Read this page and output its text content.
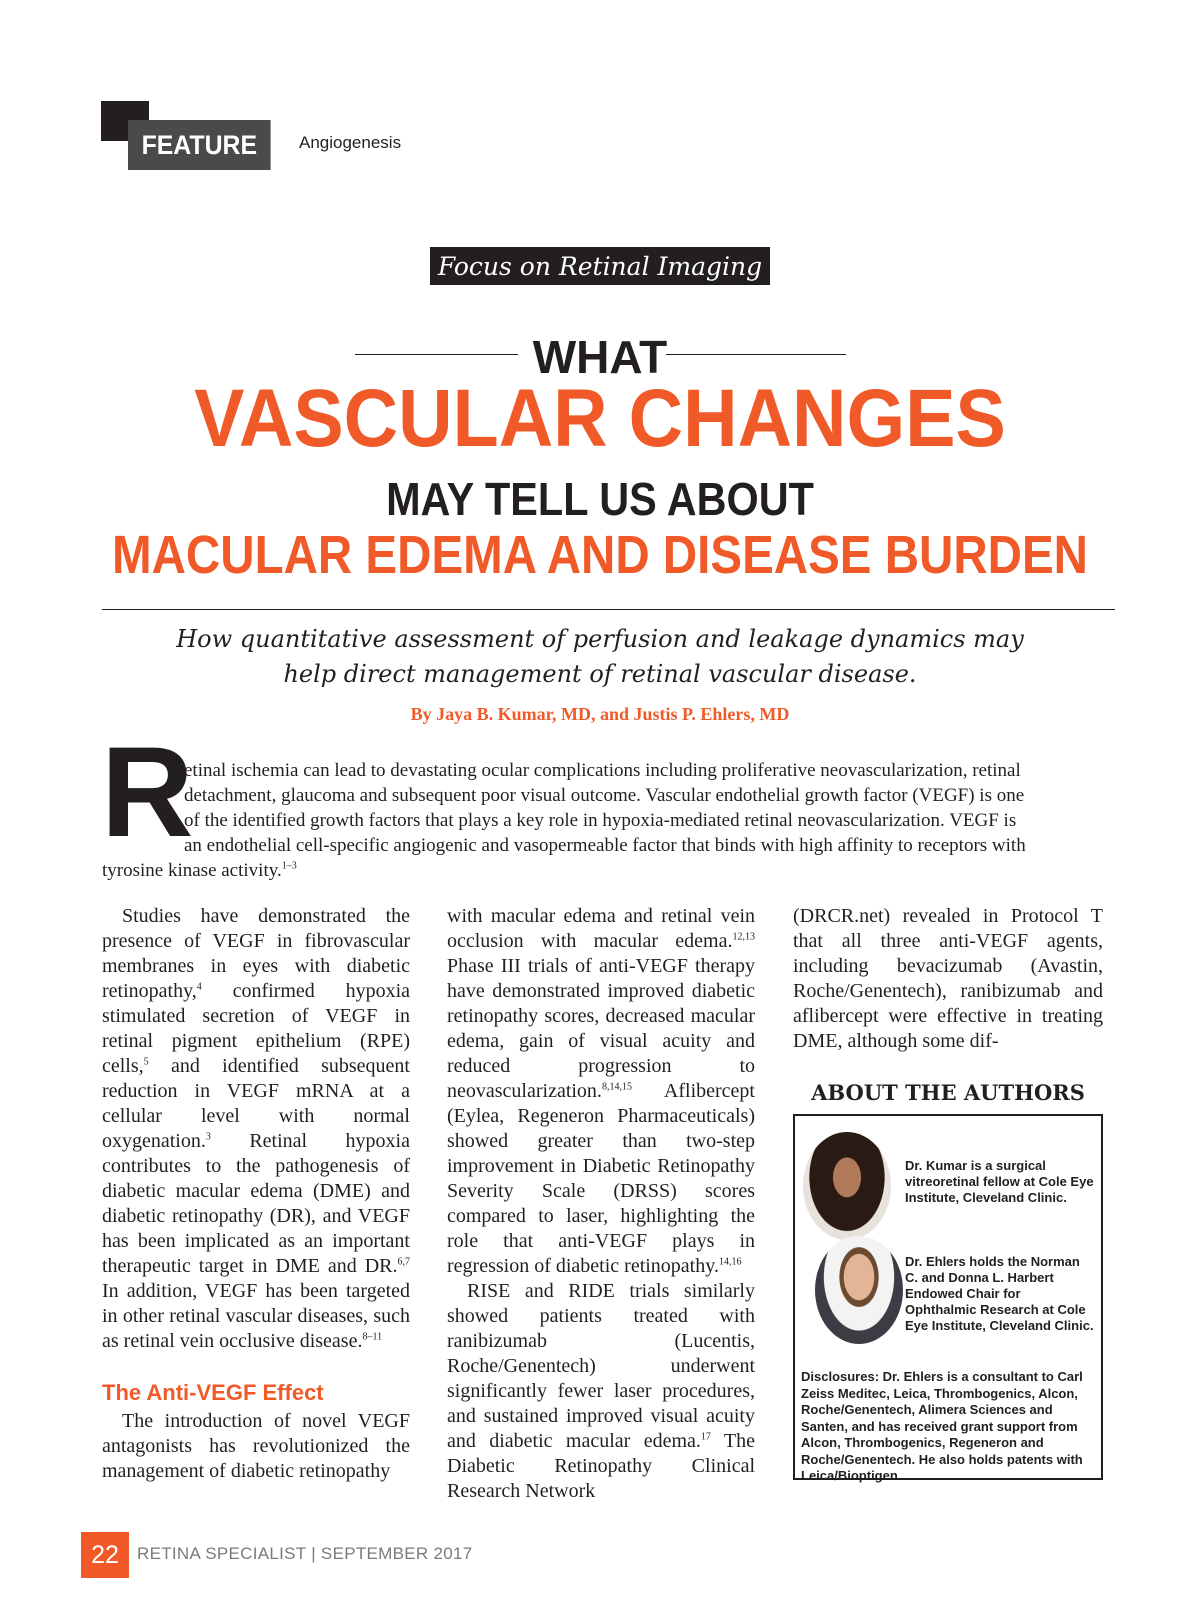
FEATURE	Angiogenesis
Focus on Retinal Imaging
WHAT
VASCULAR CHANGES
MAY TELL US ABOUT
MACULAR EDEMA AND DISEASE BURDEN
How quantitative assessment of perfusion and leakage dynamics may
help direct management of retinal vascular disease.
By Jaya B. Kumar, MD, and Justis P. Ehlers, MD
R
etinal ischemia can lead to devastating ocular complications including proliferative neovascularization, retinal
detachment, glaucoma and subsequent poor visual outcome. Vascular endothelial growth factor (VEGF) is one
of the identified growth factors that plays a key role in hypoxia-mediated retinal neovascularization. VEGF is
an endothelial cell-specific angiogenic and vasopermeable factor that binds with high affinity to receptors with
tyrosine kinase activity.$^{1-3}$

Studies have demonstrated the presence of VEGF in fibrovascular membranes in eyes with diabetic retinopathy,$^4$ confirmed hypoxia stimulated secretion of VEGF in retinal pigment epithelium (RPE) cells,$^5$ and identified subsequent reduction in VEGF mRNA at a cellular level with normal oxygenation.$^3$ Retinal hypoxia contributes to the pathogenesis of diabetic macular edema (DME) and diabetic retinopathy (DR), and VEGF has been implicated as an important therapeutic target in DME and DR.$^{6,7}$ In addition, VEGF has been targeted in other retinal vascular diseases, such as retinal vein occlusive disease.$^{8-11}$

The Anti-VEGF Effect

The introduction of novel VEGF antagonists has revolutionized the management of diabetic retinopathy

with macular edema and retinal vein occlusion with macular edema.$^{12,13}$ Phase III trials of anti-VEGF therapy have demonstrated improved diabetic retinopathy scores, decreased macular edema, gain of visual acuity and reduced progression to neovascularization.$^{8,14,15}$ Aflibercept (Eylea, Regeneron Pharmaceuticals) showed greater than two-step improvement in Diabetic Retinopathy Severity Scale (DRSS) scores compared to laser, highlighting the role that anti-VEGF plays in regression of diabetic retinopathy.$^{14,16}$

RISE and RIDE trials similarly showed patients treated with ranibizumab (Lucentis, Roche/Genentech) underwent significantly fewer laser procedures, and sustained improved visual acuity and diabetic macular edema.$^{17}$ The Diabetic Retinopathy Clinical Research Network

(DRCR.net) revealed in Protocol T that all three anti-VEGF agents, including bevacizumab (Avastin, Roche/Genentech), ranibizumab and aflibercept were effective in treating DME, although some dif-

ABOUT THE AUTHORS
Dr. Kumar is a surgical vitreoretinal fellow at Cole Eye Institute, Cleveland Clinic.
Dr. Ehlers holds the Norman C. and Donna L. Harbert Endowed Chair for Ophthalmic Research at Cole Eye Institute, Cleveland Clinic.
Disclosures: Dr. Ehlers is a consultant to Carl Zeiss Meditec, Leica, Thrombogenics, Alcon, Roche/Genentech, Alimera Sciences and Santen, and has received grant support from Alcon, Thrombogenics, Regeneron and Roche/Genentech. He also holds patents with Leica/Bioptigen.
22	RETINA SPECIALIST | SEPTEMBER 2017
